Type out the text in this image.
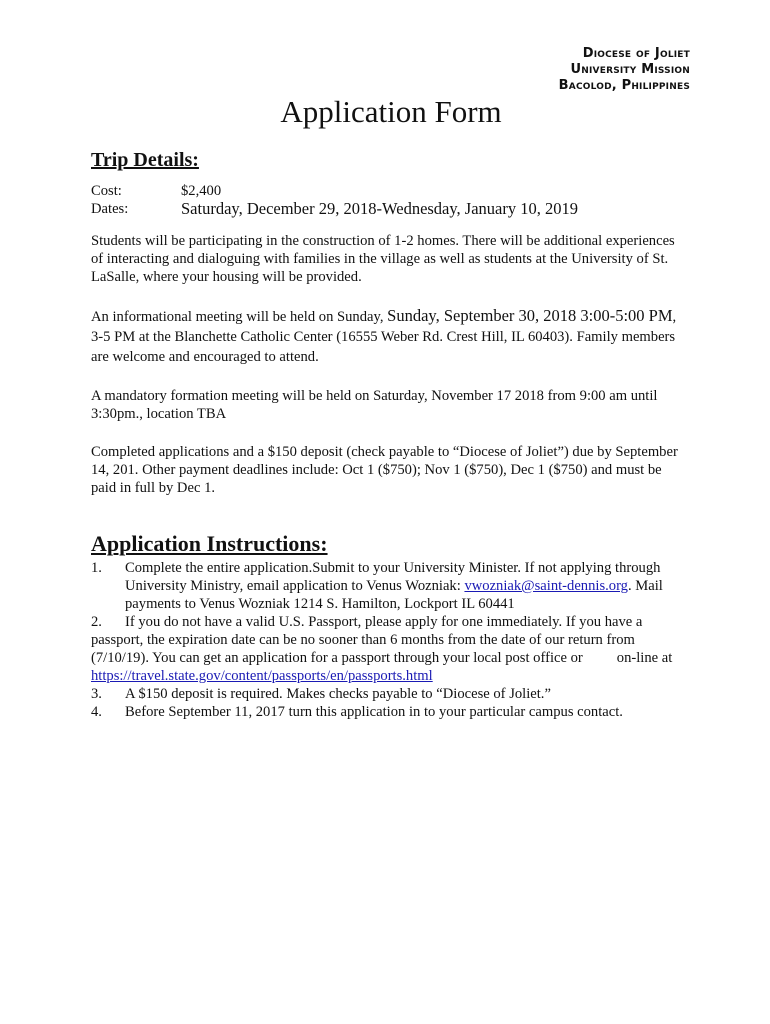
Diocese of Joliet
University Mission
Bacolod, Philippines
Application Form
Trip Details:
Cost:	$2,400
Dates:	Saturday, December 29, 2018-Wednesday, January 10, 2019

Students will be participating in the construction of 1-2 homes. There will be additional experiences of interacting and dialoguing with families in the village as well as students at the University of St. LaSalle, where your housing will be provided.

An informational meeting will be held on Sunday, Sunday, September 30, 2018 3:00-5:00 PM, 3-5 PM at the Blanchette Catholic Center (16555 Weber Rd. Crest Hill, IL 60403). Family members are welcome and encouraged to attend.

A mandatory formation meeting will be held on Saturday, November 17 2018 from 9:00 am until 3:30pm., location TBA

Completed applications and a $150 deposit (check payable to “Diocese of Joliet”) due by September 14, 201. Other payment deadlines include: Oct 1 ($750); Nov 1 ($750), Dec 1 ($750) and must be paid in full by Dec 1.

Application Instructions:
1.	Complete the entire application.Submit to your University Minister. If not applying through University Ministry, email application to Venus Wozniak: vwozniak@saint-dennis.org. Mail payments to Venus Wozniak 1214 S. Hamilton, Lockport IL 60441
2. If you do not have a valid U.S. Passport, please apply for one immediately. If you have a passport, the expiration date can be no sooner than 6 months from the date of our return from (7/10/19). You can get an application for a passport through your local post office or on-line at https://travel.state.gov/content/passports/en/passports.html
3.	A $150 deposit is required. Makes checks payable to “Diocese of Joliet.”
4.	Before September 11, 2017 turn this application in to your particular campus contact.
